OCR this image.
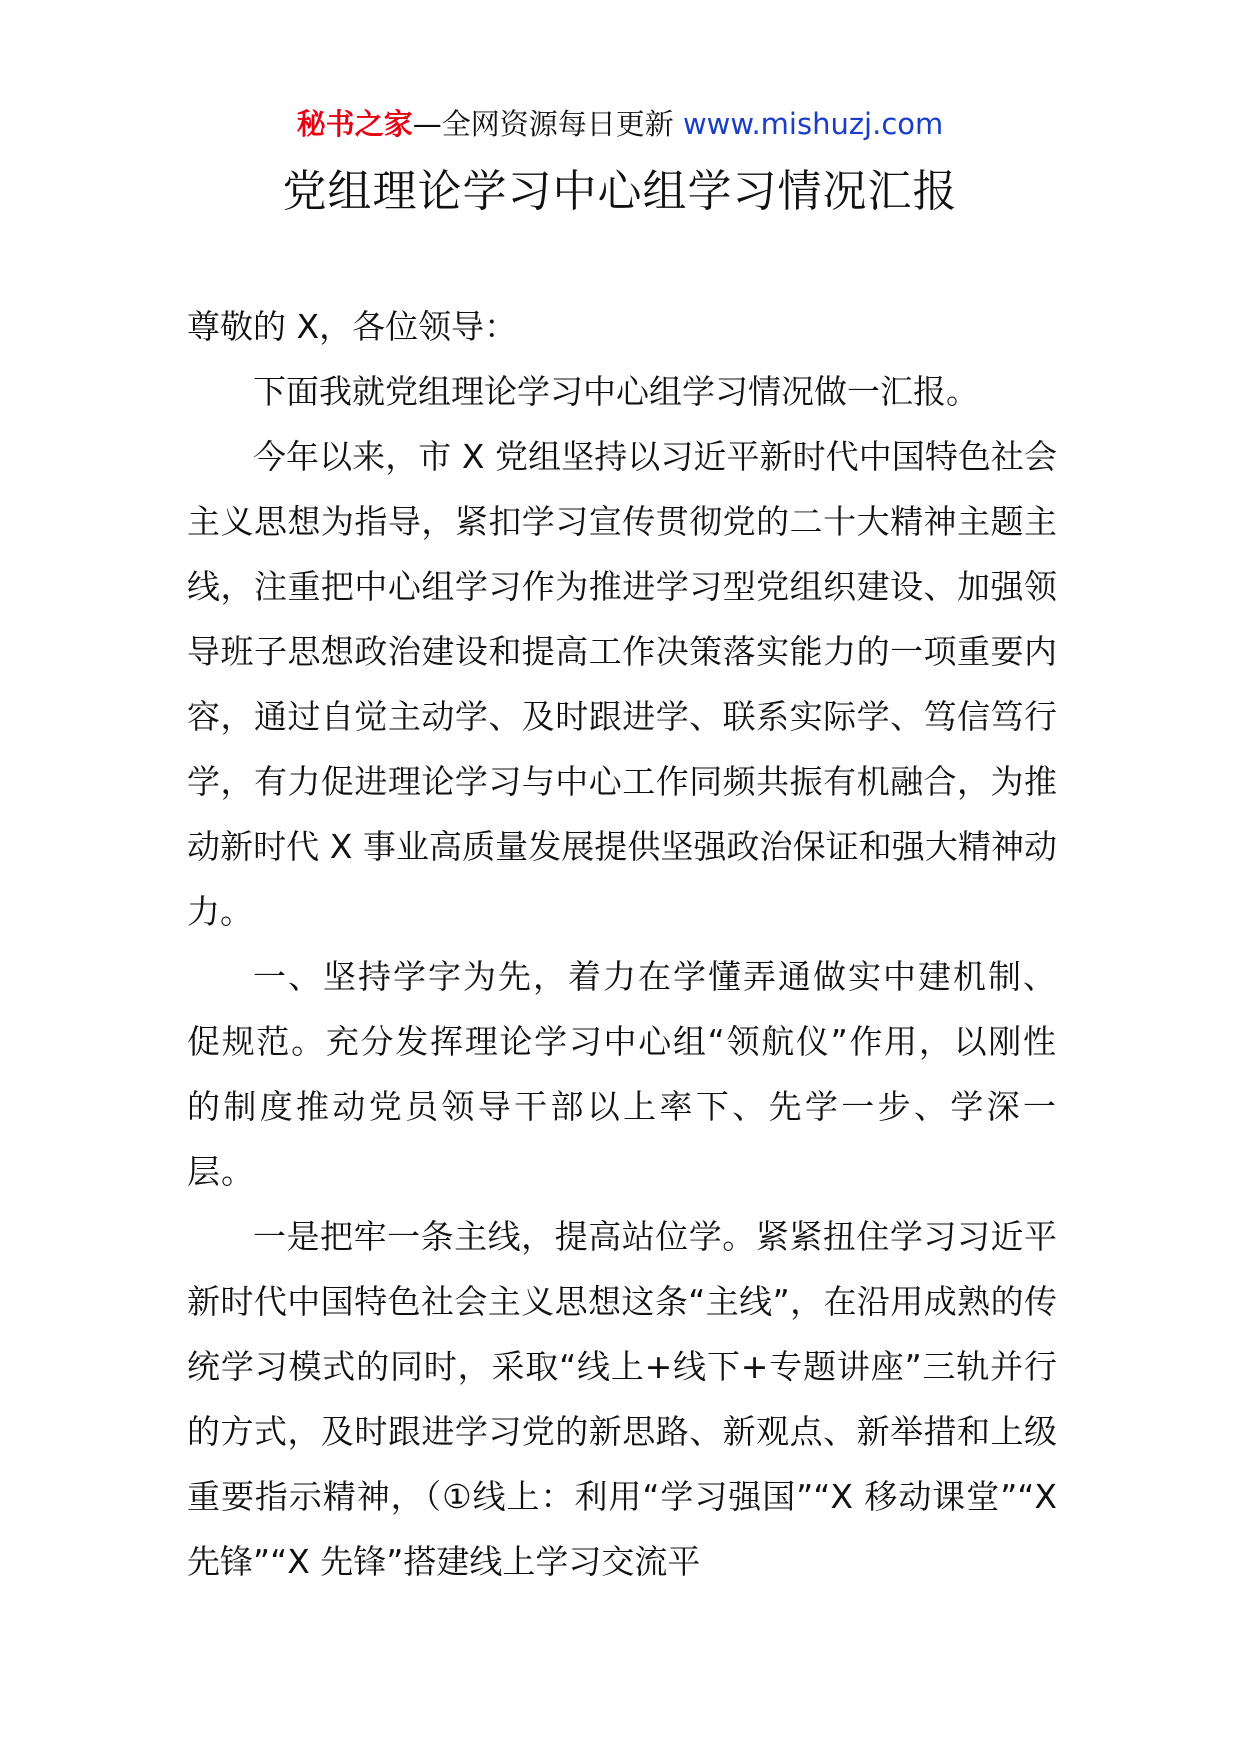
秘书之家—全网资源每日更新 www.mishuzj.com
党组理论学习中心组学习情况汇报

尊敬的 X，各位领导：

下面我就党组理论学习中心组学习情况做一汇报。

今年以来，市 X 党组坚持以习近平新时代中国特色社会主义思想为指导，紧扣学习宣传贯彻党的二十大精神主题主线，注重把中心组学习作为推进学习型党组织建设、加强领导班子思想政治建设和提高工作决策落实能力的一项重要内容，通过自觉主动学、及时跟进学、联系实际学、笃信笃行学，有力促进理论学习与中心工作同频共振有机融合，为推动新时代 X 事业高质量发展提供坚强政治保证和强大精神动力。

一、坚持学字为先，着力在学懂弄通做实中建机制、促规范。充分发挥理论学习中心组“领航仪”作用，以刚性的制度推动党员领导干部以上率下、先学一步、学深一层。

一是把牢一条主线，提高站位学。紧紧扭住学习习近平新时代中国特色社会主义思想这条“主线”，在沿用成熟的传统学习模式的同时，采取“线上+线下+专题讲座”三轨并行的方式，及时跟进学习党的新思路、新观点、新举措和上级重要指示精神，（①线上：利用“学习强国”“X 移动课堂”“X 先锋”“X 先锋”搭建线上学习交流平
